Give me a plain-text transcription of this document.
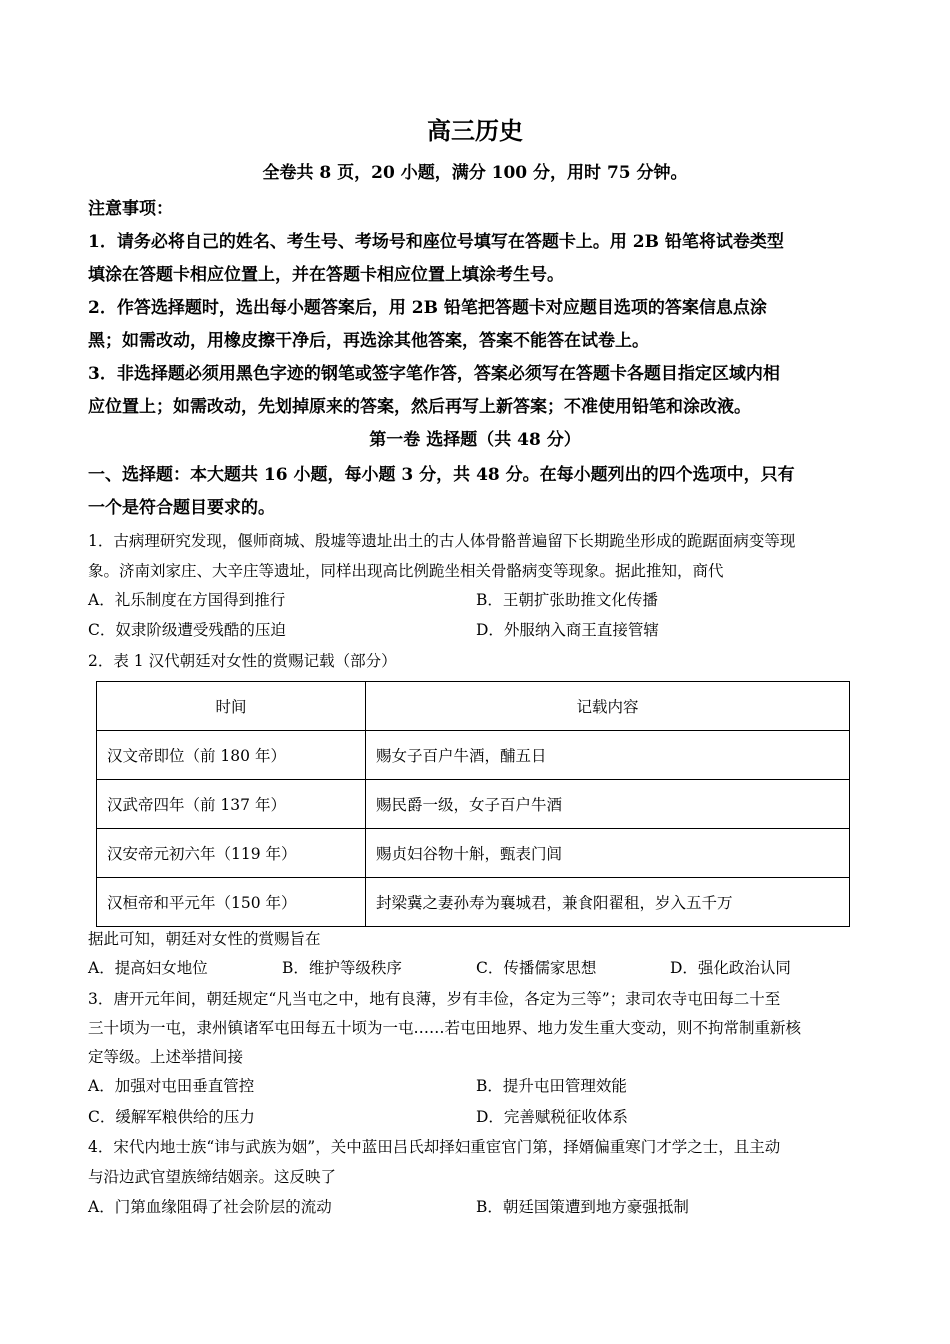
高三历史
全卷共 8 页，20 小题，满分 100 分，用时 75 分钟。
注意事项：
1．请务必将自己的姓名、考生号、考场号和座位号填写在答题卡上。用 2B 铅笔将试卷类型
填涂在答题卡相应位置上，并在答题卡相应位置上填涂考生号。
2．作答选择题时，选出每小题答案后，用 2B 铅笔把答题卡对应题目选项的答案信息点涂
黑；如需改动，用橡皮擦干净后，再选涂其他答案，答案不能答在试卷上。
3．非选择题必须用黑色字迹的钢笔或签字笔作答，答案必须写在答题卡各题目指定区域内相
应位置上；如需改动，先划掉原来的答案，然后再写上新答案；不准使用铅笔和涂改液。
第一卷 选择题（共 48 分）
一、选择题：本大题共 16 小题，每小题 3 分，共 48 分。在每小题列出的四个选项中，只有
一个是符合题目要求的。
1．古病理研究发现，偃师商城、殷墟等遗址出土的古人体骨骼普遍留下长期跪坐形成的跪踞面病变等现
象。济南刘家庄、大辛庄等遗址，同样出现高比例跪坐相关骨骼病变等现象。据此推知，商代
A．礼乐制度在方国得到推行	B．王朝扩张助推文化传播
C．奴隶阶级遭受残酷的压迫	D．外服纳入商王直接管辖
2．表 1 汉代朝廷对女性的赏赐记载（部分）
时间	记载内容
汉文帝即位（前 180 年）	赐女子百户牛酒，酺五日
汉武帝四年（前 137 年）	赐民爵一级，女子百户牛酒
汉安帝元初六年（119 年）	赐贞妇谷物十斛，甄表门闾
汉桓帝和平元年（150 年）	封梁冀之妻孙寿为襄城君，兼食阳翟租，岁入五千万
据此可知，朝廷对女性的赏赐旨在
A．提高妇女地位	B．维护等级秩序	C．传播儒家思想	D．强化政治认同
3．唐开元年间，朝廷规定“凡当屯之中，地有良薄，岁有丰俭，各定为三等”；隶司农寺屯田每二十至
三十顷为一屯，隶州镇诸军屯田每五十顷为一屯……若屯田地界、地力发生重大变动，则不拘常制重新核
定等级。上述举措间接
A．加强对屯田垂直管控	B．提升屯田管理效能
C．缓解军粮供给的压力	D．完善赋税征收体系
4．宋代内地士族“讳与武族为姻”，关中蓝田吕氏却择妇重宦官门第，择婿偏重寒门才学之士，且主动
与沿边武官望族缔结姻亲。这反映了
A．门第血缘阻碍了社会阶层的流动	B．朝廷国策遭到地方豪强抵制
